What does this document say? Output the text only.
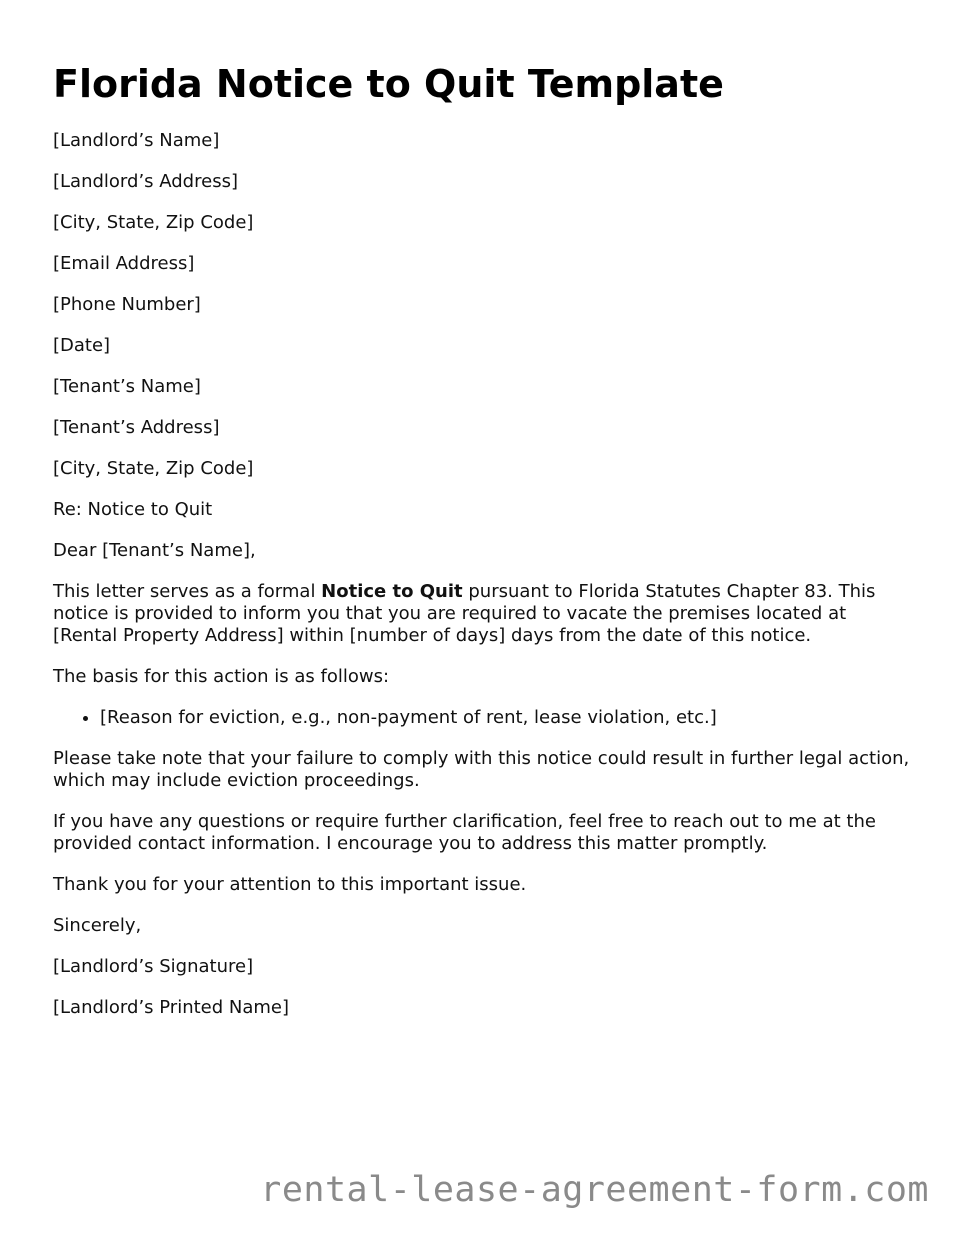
Florida Notice to Quit Template

[Landlord’s Name]

[Landlord’s Address]

[City, State, Zip Code]

[Email Address]

[Phone Number]

[Date]

[Tenant’s Name]

[Tenant’s Address]

[City, State, Zip Code]

Re: Notice to Quit

Dear [Tenant’s Name],

This letter serves as a formal Notice to Quit pursuant to Florida Statutes Chapter 83. This notice is provided to inform you that you are required to vacate the premises located at [Rental Property Address] within [number of days] days from the date of this notice.

The basis for this action is as follows:

• [Reason for eviction, e.g., non-payment of rent, lease violation, etc.]

Please take note that your failure to comply with this notice could result in further legal action, which may include eviction proceedings.

If you have any questions or require further clarification, feel free to reach out to me at the provided contact information. I encourage you to address this matter promptly.

Thank you for your attention to this important issue.

Sincerely,

[Landlord’s Signature]

[Landlord’s Printed Name]

rental-lease-agreement-form.com
